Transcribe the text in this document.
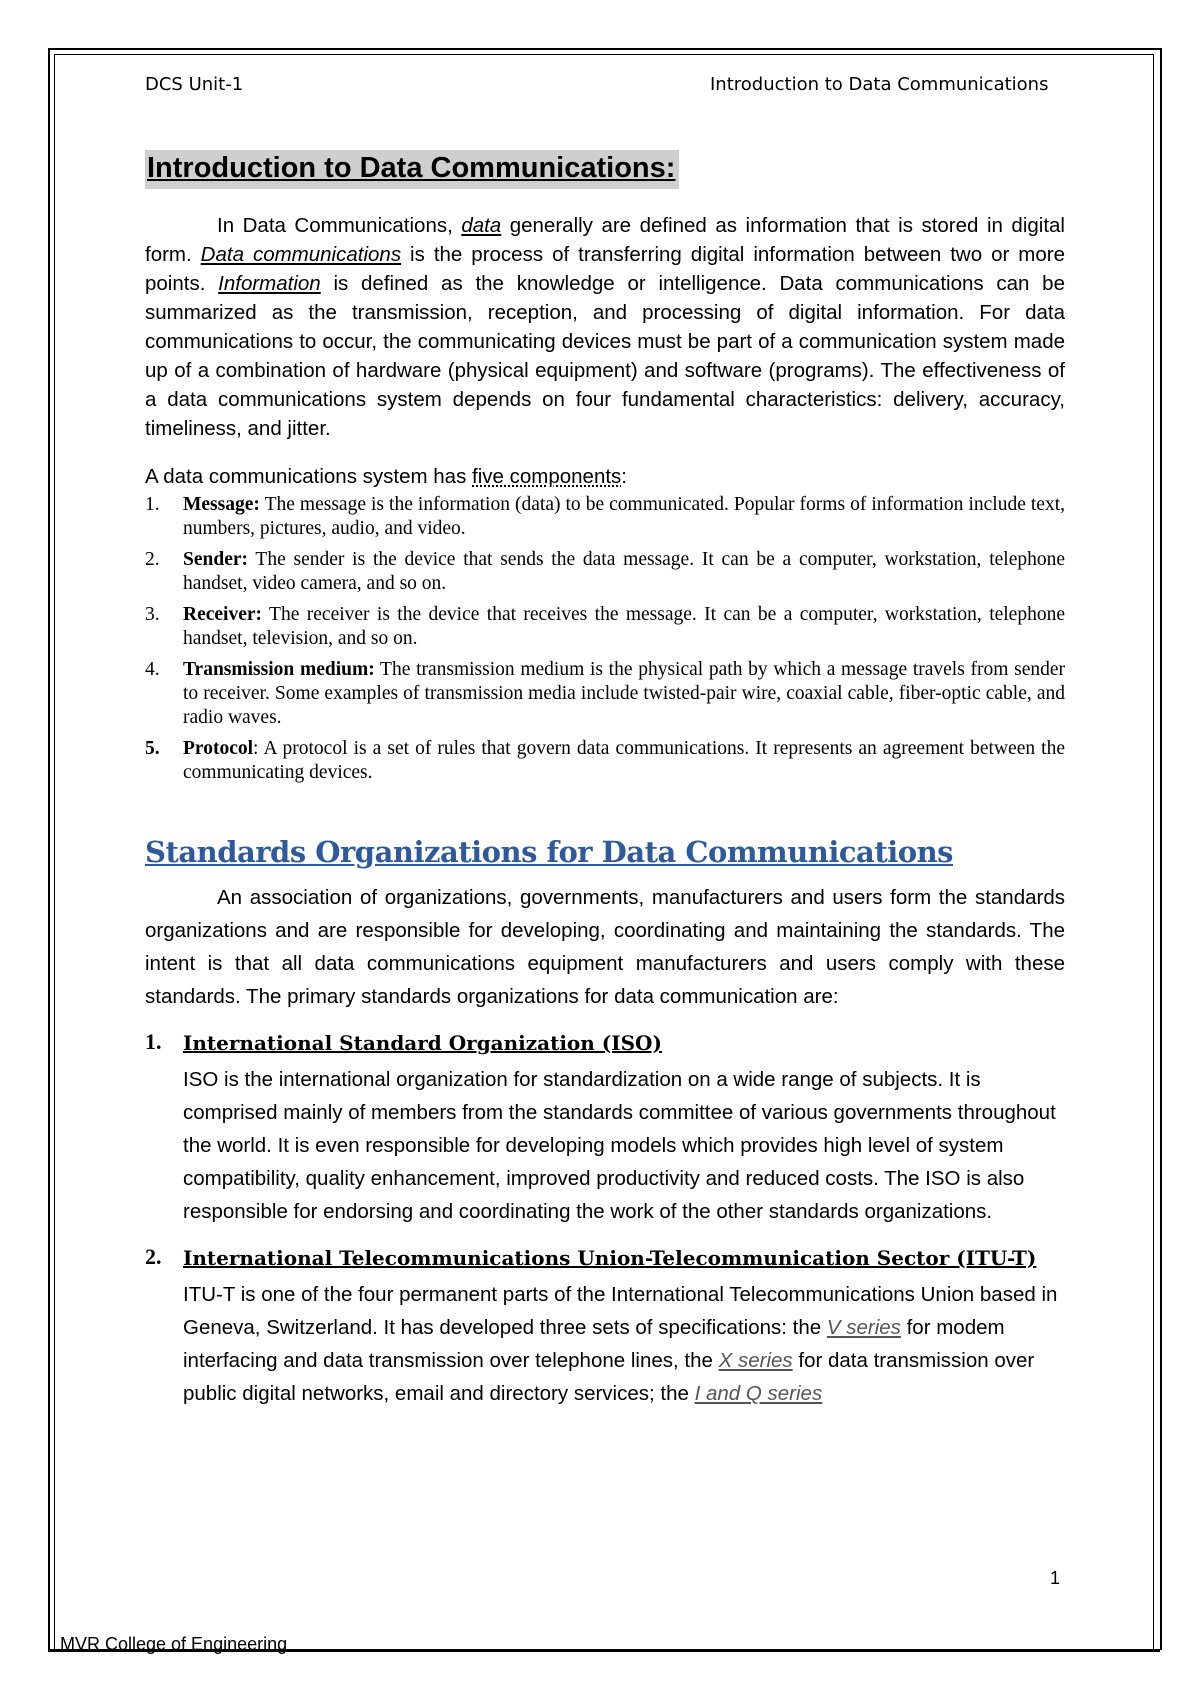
DCS Unit-1	Introduction to Data Communications
Introduction to Data Communications:

In Data Communications, data generally are defined as information that is stored in digital form. Data communications is the process of transferring digital information between two or more points. Information is defined as the knowledge or intelligence. Data communications can be summarized as the transmission, reception, and processing of digital information. For data communications to occur, the communicating devices must be part of a communication system made up of a combination of hardware (physical equipment) and software (programs). The effectiveness of a data communications system depends on four fundamental characteristics: delivery, accuracy, timeliness, and jitter.

A data communications system has five components:
1. Message: The message is the information (data) to be communicated. Popular forms of information include text, numbers, pictures, audio, and video.
2. Sender: The sender is the device that sends the data message. It can be a computer, workstation, telephone handset, video camera, and so on.
3. Receiver: The receiver is the device that receives the message. It can be a computer, workstation, telephone handset, television, and so on.
4. Transmission medium: The transmission medium is the physical path by which a message travels from sender to receiver. Some examples of transmission media include twisted-pair wire, coaxial cable, fiber-optic cable, and radio waves.
5. Protocol: A protocol is a set of rules that govern data communications. It represents an agreement between the communicating devices.
Standards Organizations for Data Communications

An association of organizations, governments, manufacturers and users form the standards organizations and are responsible for developing, coordinating and maintaining the standards. The intent is that all data communications equipment manufacturers and users comply with these standards. The primary standards organizations for data communication are:

1. International Standard Organization (ISO)

ISO is the international organization for standardization on a wide range of subjects. It is comprised mainly of members from the standards committee of various governments throughout the world. It is even responsible for developing models which provides high level of system compatibility, quality enhancement, improved productivity and reduced costs. The ISO is also responsible for endorsing and coordinating the work of the other standards organizations.

2. International Telecommunications Union-Telecommunication Sector (ITU-T)

ITU-T is one of the four permanent parts of the International Telecommunications Union based in Geneva, Switzerland. It has developed three sets of specifications: the V series for modem interfacing and data transmission over telephone lines, the X series for data transmission over public digital networks, email and directory services; the I and Q series

1
MVR College of Engineering
